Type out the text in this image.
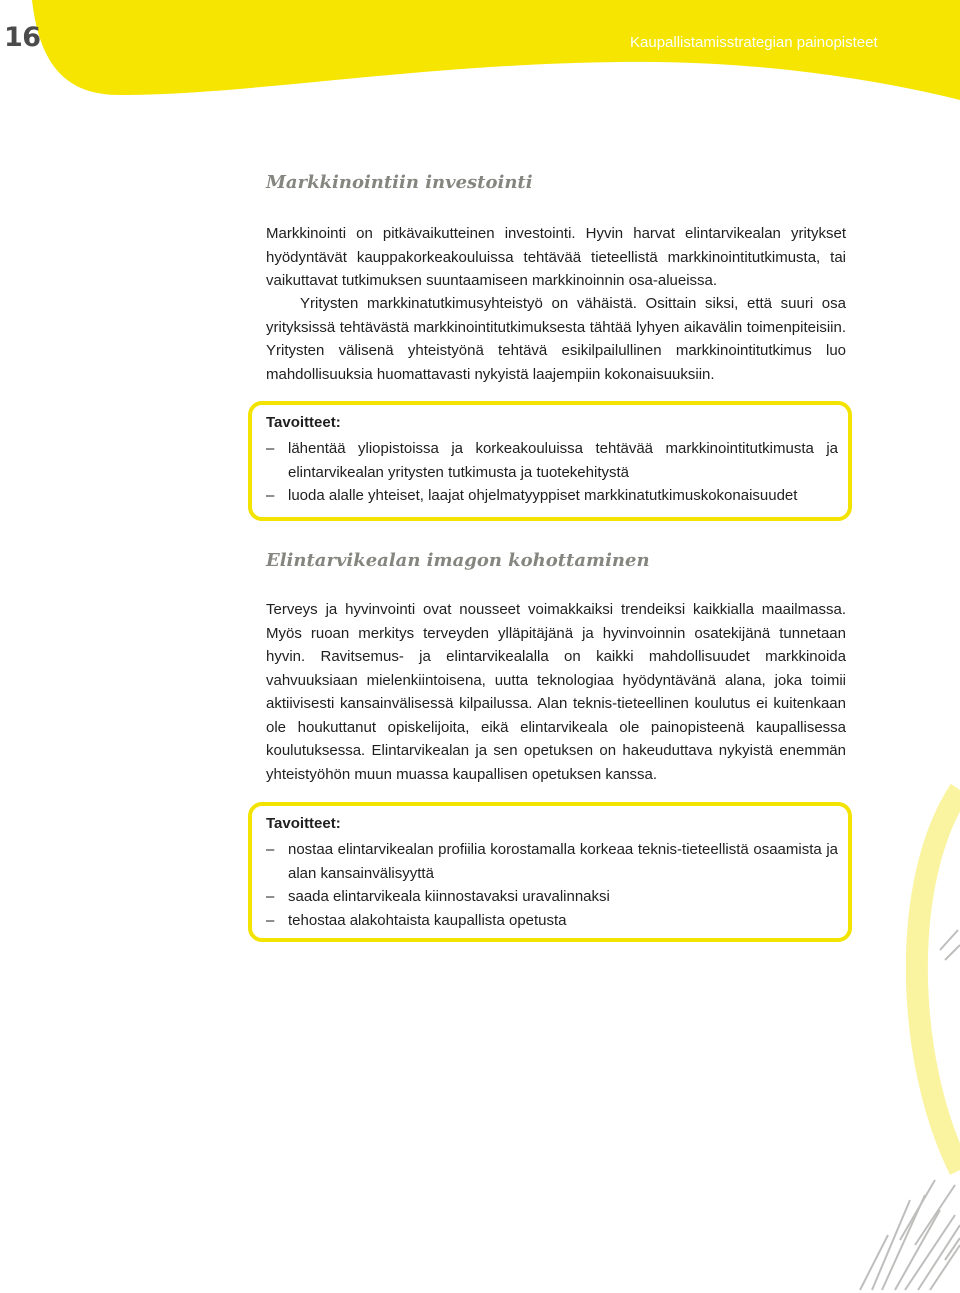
16	Kaupallistamisstrategian painopisteet
Markkinointiin investointi

Markkinointi on pitkävaikutteinen investointi. Hyvin harvat elintarvikealan yritykset hyödyntävät kauppakorkeakouluissa tehtävää tieteellistä markkinointitutkimusta, tai vaikuttavat tutkimuksen suuntaamiseen markkinoinnin osa-alueissa.

Yritysten markkinatutkimusyhteistyö on vähäistä. Osittain siksi, että suuri osa yrityksissä tehtävästä markkinointitutkimuksesta tähtää lyhyen aikavälin toimenpiteisiin. Yritysten välisenä yhteistyönä tehtävä esikilpailullinen markkinointitutkimus luo mahdollisuuksia huomattavasti nykyistä laajempiin kokonaisuuksiin.

Elintarvikealan imagon kohottaminen

Terveys ja hyvinvointi ovat nousseet voimakkaiksi trendeiksi kaikkialla maailmassa. Myös ruoan merkitys terveyden ylläpitäjänä ja hyvinvoinnin osatekijänä tunnetaan hyvin. Ravitsemus- ja elintarvikealalla on kaikki mahdollisuudet markkinoida vahvuuksiaan mielenkiintoisena, uutta teknologiaa hyödyntävänä alana, joka toimii aktiivisesti kansainvälisessä kilpailussa. Alan teknis-tieteellinen koulutus ei kuitenkaan ole houkuttanut opiskelijoita, eikä elintarvikeala ole painopisteenä kaupallisessa koulutuksessa. Elintarvikealan ja sen opetuksen on hakeuduttava nykyistä enemmän yhteistyöhön muun muassa kaupallisen opetuksen kanssa.

Tavoitteet:
– lähentää yliopistoissa ja korkeakouluissa tehtävää markkinointitutkimusta ja elintarvikealan yritysten tutkimusta ja tuotekehitystä
– luoda alalle yhteiset, laajat ohjelmatyyppiset markkinatutkimuskokonaisuudet
Tavoitteet:
– nostaa elintarvikealan profiilia korostamalla korkeaa teknis-tieteellistä osaamista ja alan kansainvälisyyttä
– saada elintarvikeala kiinnostavaksi uravalinnaksi
– tehostaa alakohtaista kaupallista opetusta
